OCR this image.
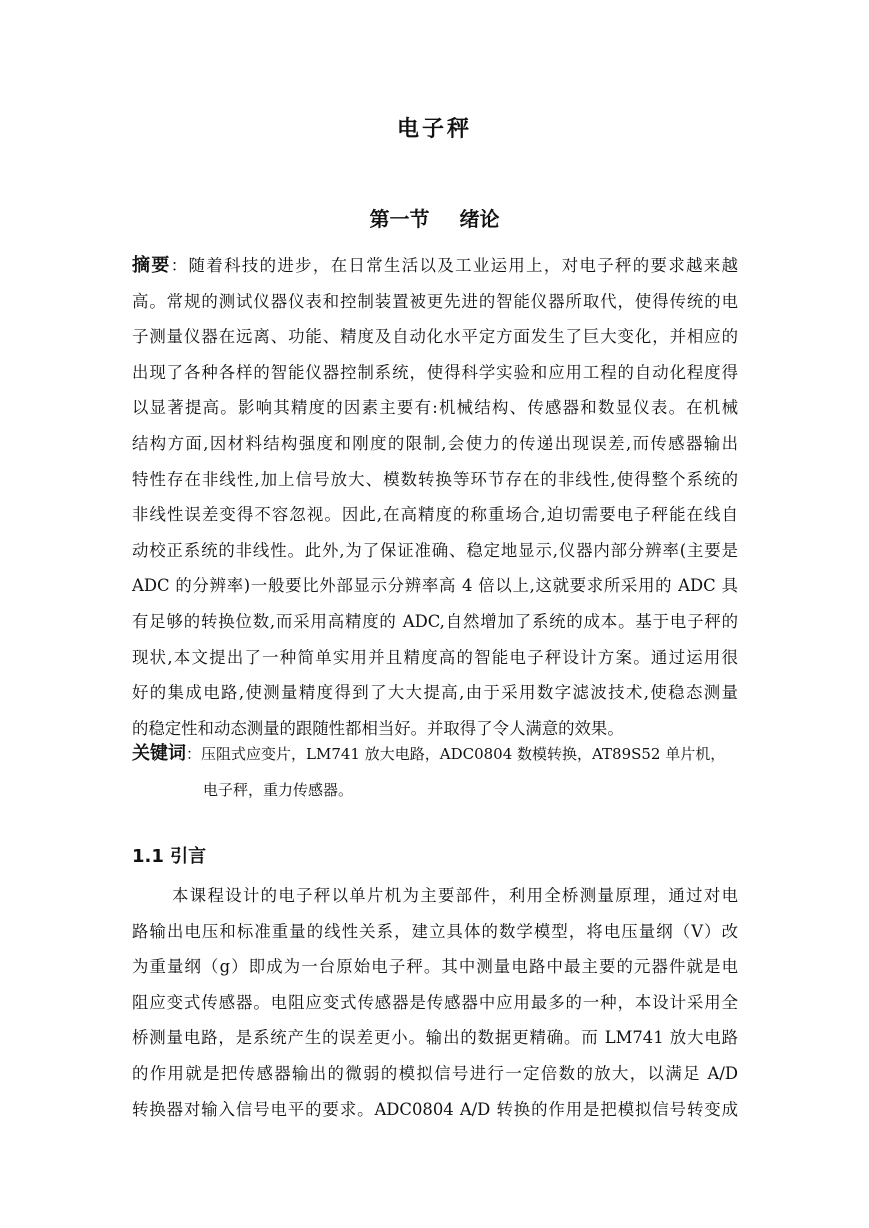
电子秤
第一节 绪论
摘要：随着科技的进步，在日常生活以及工业运用上，对电子秤的要求越来越
高。常规的测试仪器仪表和控制装置被更先进的智能仪器所取代，使得传统的电
子测量仪器在远离、功能、精度及自动化水平定方面发生了巨大变化，并相应的
出现了各种各样的智能仪器控制系统，使得科学实验和应用工程的自动化程度得
以显著提高。影响其精度的因素主要有:机械结构、传感器和数显仪表。在机械
结构方面,因材料结构强度和刚度的限制,会使力的传递出现误差,而传感器输出
特性存在非线性,加上信号放大、模数转换等环节存在的非线性,使得整个系统的
非线性误差变得不容忽视。因此,在高精度的称重场合,迫切需要电子秤能在线自
动校正系统的非线性。此外,为了保证准确、稳定地显示,仪器内部分辨率(主要是
ADC 的分辨率)一般要比外部显示分辨率高 4 倍以上,这就要求所采用的 ADC 具
有足够的转换位数,而采用高精度的 ADC,自然增加了系统的成本。基于电子秤的
现状,本文提出了一种简单实用并且精度高的智能电子秤设计方案。通过运用很
好的集成电路,使测量精度得到了大大提高,由于采用数字滤波技术,使稳态测量
的稳定性和动态测量的跟随性都相当好。并取得了令人满意的效果。
关键词：压阻式应变片，LM741 放大电路，ADC0804 数模转换，AT89S52 单片机，
电子秤，重力传感器。
1.1 引言
本课程设计的电子秤以单片机为主要部件，利用全桥测量原理，通过对电
路输出电压和标准重量的线性关系，建立具体的数学模型，将电压量纲（V）改
为重量纲（g）即成为一台原始电子秤。其中测量电路中最主要的元器件就是电
阻应变式传感器。电阻应变式传感器是传感器中应用最多的一种，本设计采用全
桥测量电路，是系统产生的误差更小。输出的数据更精确。而 LM741 放大电路
的作用就是把传感器输出的微弱的模拟信号进行一定倍数的放大，以满足 A/D
转换器对输入信号电平的要求。ADC0804 A/D 转换的作用是把模拟信号转变成
